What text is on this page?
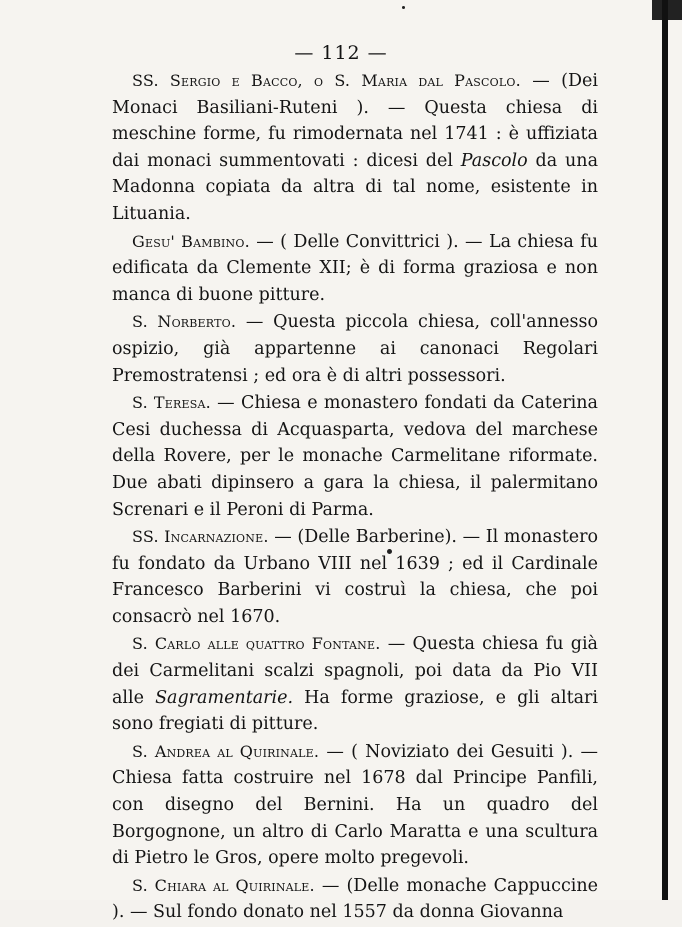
— 112 —

SS. Sergio e Bacco, o S. Maria dal Pascolo. — (Dei Monaci Basiliani-Ruteni ). — Questa chiesa di meschine forme, fu rimodernata nel 1741 : è uffiziata dai monaci summentovati : dicesi del Pascolo da una Madonna copiata da altra di tal nome, esistente in Lituania.

Gesu' Bambino. — ( Delle Convittrici ). — La chiesa fu edificata da Clemente XII; è di forma graziosa e non manca di buone pitture.

S. Norberto. — Questa piccola chiesa, coll'annesso ospizio, già appartenne ai canonaci Regolari Premostratensi ; ed ora è di altri possessori.

S. Teresa. — Chiesa e monastero fondati da Caterina Cesi duchessa di Acquasparta, vedova del marchese della Rovere, per le monache Carmelitane riformate. Due abati dipinsero a gara la chiesa, il palermitano Screnari e il Peroni di Parma.

SS. Incarnazione. — (Delle Barberine). — Il monastero fu fondato da Urbano VIII nel 1639 ; ed il Cardinale Francesco Barberini vi costruì la chiesa, che poi consacrò nel 1670.

S. Carlo alle quattro Fontane. — Questa chiesa fu già dei Carmelitani scalzi spagnoli, poi data da Pio VII alle Sagramentarie. Ha forme graziose, e gli altari sono fregiati di pitture.

S. Andrea al Quirinale. — ( Noviziato dei Gesuiti ). — Chiesa fatta costruire nel 1678 dal Principe Panfili, con disegno del Bernini. Ha un quadro del Borgognone, un altro di Carlo Maratta e una scultura di Pietro le Gros, opere molto pregevoli.

S. Chiara al Quirinale. — (Delle monache Cappuccine ). — Sul fondo donato nel 1557 da donna Giovanna
